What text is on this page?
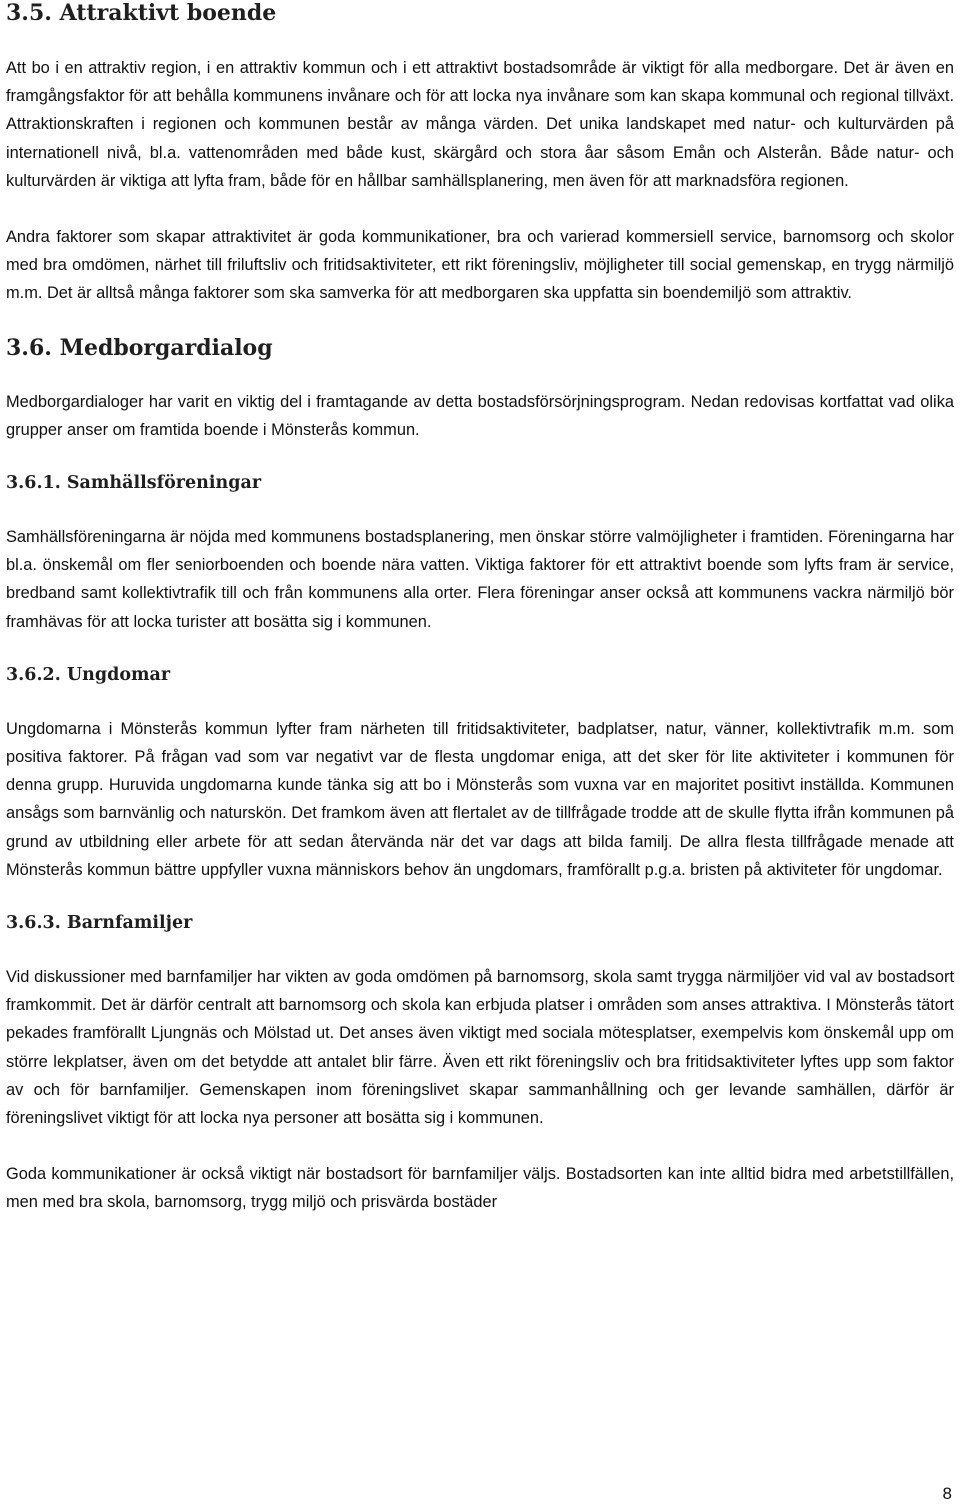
3.5. Attraktivt boende

Att bo i en attraktiv region, i en attraktiv kommun och i ett attraktivt bostadsområde är viktigt för alla medborgare. Det är även en framgångsfaktor för att behålla kommunens invånare och för att locka nya invånare som kan skapa kommunal och regional tillväxt. Attraktionskraften i regionen och kommunen består av många värden. Det unika landskapet med natur- och kulturvärden på internationell nivå, bl.a. vattenområden med både kust, skärgård och stora åar såsom Emån och Alsterån. Både natur- och kulturvärden är viktiga att lyfta fram, både för en hållbar samhällsplanering, men även för att marknadsföra regionen.

Andra faktorer som skapar attraktivitet är goda kommunikationer, bra och varierad kommersiell service, barnomsorg och skolor med bra omdömen, närhet till friluftsliv och fritidsaktiviteter, ett rikt föreningsliv, möjligheter till social gemenskap, en trygg närmiljö m.m. Det är alltså många faktorer som ska samverka för att medborgaren ska uppfatta sin boendemiljö som attraktiv.

3.6. Medborgardialog

Medborgardialoger har varit en viktig del i framtagande av detta bostadsförsörjningsprogram. Nedan redovisas kortfattat vad olika grupper anser om framtida boende i Mönsterås kommun.

3.6.1. Samhällsföreningar

Samhällsföreningarna är nöjda med kommunens bostadsplanering, men önskar större valmöjligheter i framtiden. Föreningarna har bl.a. önskemål om fler seniorboenden och boende nära vatten. Viktiga faktorer för ett attraktivt boende som lyfts fram är service, bredband samt kollektivtrafik till och från kommunens alla orter. Flera föreningar anser också att kommunens vackra närmiljö bör framhävas för att locka turister att bosätta sig i kommunen.

3.6.2. Ungdomar

Ungdomarna i Mönsterås kommun lyfter fram närheten till fritidsaktiviteter, badplatser, natur, vänner, kollektivtrafik m.m. som positiva faktorer. På frågan vad som var negativt var de flesta ungdomar eniga, att det sker för lite aktiviteter i kommunen för denna grupp. Huruvida ungdomarna kunde tänka sig att bo i Mönsterås som vuxna var en majoritet positivt inställda. Kommunen ansågs som barnvänlig och naturskön. Det framkom även att flertalet av de tillfrågade trodde att de skulle flytta ifrån kommunen på grund av utbildning eller arbete för att sedan återvända när det var dags att bilda familj. De allra flesta tillfrågade menade att Mönsterås kommun bättre uppfyller vuxna människors behov än ungdomars, framförallt p.g.a. bristen på aktiviteter för ungdomar.

3.6.3. Barnfamiljer

Vid diskussioner med barnfamiljer har vikten av goda omdömen på barnomsorg, skola samt trygga närmiljöer vid val av bostadsort framkommit. Det är därför centralt att barnomsorg och skola kan erbjuda platser i områden som anses attraktiva. I Mönsterås tätort pekades framförallt Ljungnäs och Mölstad ut. Det anses även viktigt med sociala mötesplatser, exempelvis kom önskemål upp om större lekplatser, även om det betydde att antalet blir färre. Även ett rikt föreningsliv och bra fritidsaktiviteter lyftes upp som faktor av och för barnfamiljer. Gemenskapen inom föreningslivet skapar sammanhållning och ger levande samhällen, därför är föreningslivet viktigt för att locka nya personer att bosätta sig i kommunen.

Goda kommunikationer är också viktigt när bostadsort för barnfamiljer väljs. Bostadsorten kan inte alltid bidra med arbetstillfällen, men med bra skola, barnomsorg, trygg miljö och prisvärda bostäder

8
